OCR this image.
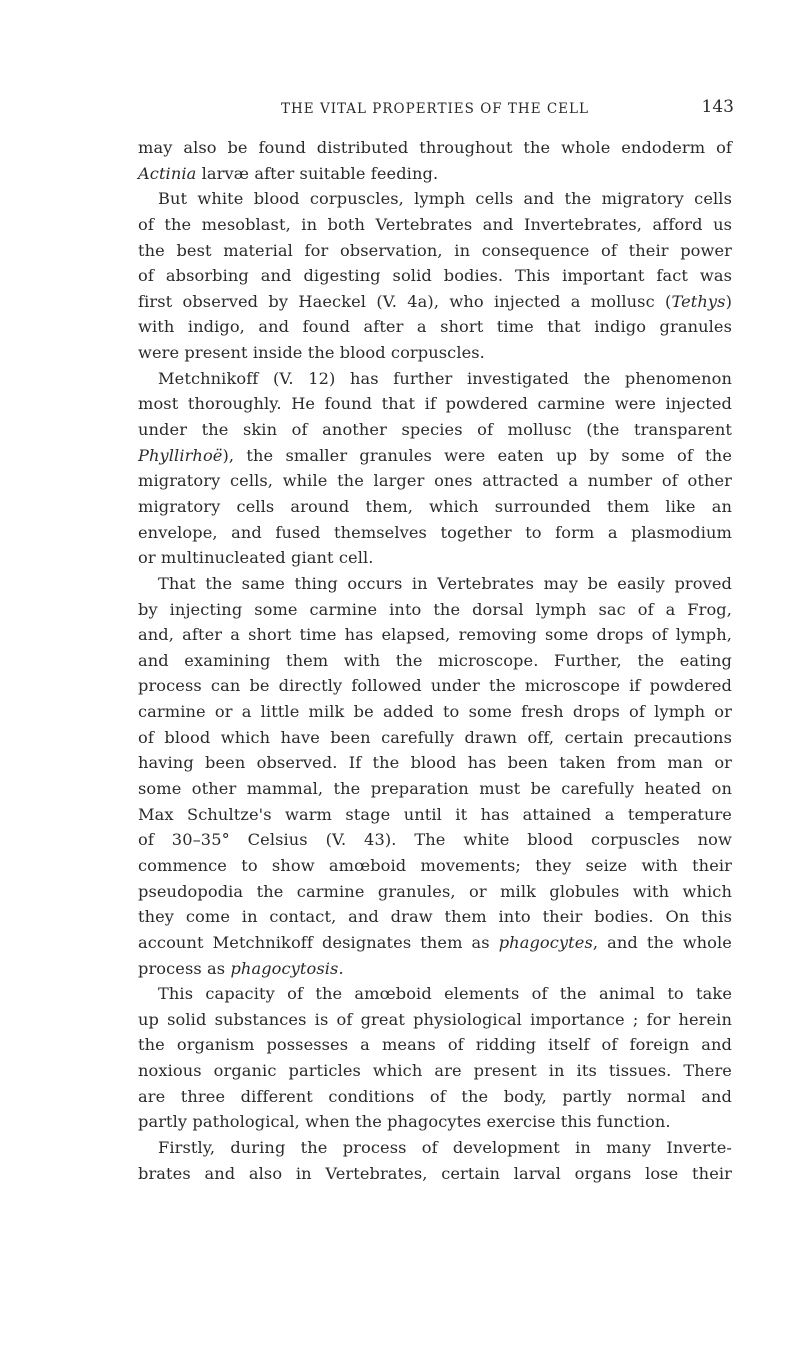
THE VITAL PROPERTIES OF THE CELL	143
may also be found distributed throughout the whole endoderm of
Actinia larvæ after suitable feeding.
But white blood corpuscles, lymph cells and the migratory cells
of the mesoblast, in both Vertebrates and Invertebrates, afford us
the best material for observation, in consequence of their power
of absorbing and digesting solid bodies. This important fact was
first observed by Haeckel (V. 4a), who injected a mollusc (Tethys)
with indigo, and found after a short time that indigo granules
were present inside the blood corpuscles.
Metchnikoff (V. 12) has further investigated the phenomenon
most thoroughly. He found that if powdered carmine were injected
under the skin of another species of mollusc (the transparent
Phyllirhoë), the smaller granules were eaten up by some of the
migratory cells, while the larger ones attracted a number of other
migratory cells around them, which surrounded them like an
envelope, and fused themselves together to form a plasmodium
or multinucleated giant cell.
That the same thing occurs in Vertebrates may be easily proved
by injecting some carmine into the dorsal lymph sac of a Frog,
and, after a short time has elapsed, removing some drops of lymph,
and examining them with the microscope. Further, the eating
process can be directly followed under the microscope if powdered
carmine or a little milk be added to some fresh drops of lymph or
of blood which have been carefully drawn off, certain precautions
having been observed. If the blood has been taken from man or
some other mammal, the preparation must be carefully heated on
Max Schultze's warm stage until it has attained a temperature
of 30–35° Celsius (V. 43). The white blood corpuscles now
commence to show amœboid movements; they seize with their
pseudopodia the carmine granules, or milk globules with which
they come in contact, and draw them into their bodies. On this
account Metchnikoff designates them as phagocytes, and the whole
process as phagocytosis.
This capacity of the amœboid elements of the animal to take
up solid substances is of great physiological importance ; for herein
the organism possesses a means of ridding itself of foreign and
noxious organic particles which are present in its tissues. There
are three different conditions of the body, partly normal and
partly pathological, when the phagocytes exercise this function.
Firstly, during the process of development in many Inverte-
brates and also in Vertebrates, certain larval organs lose their
